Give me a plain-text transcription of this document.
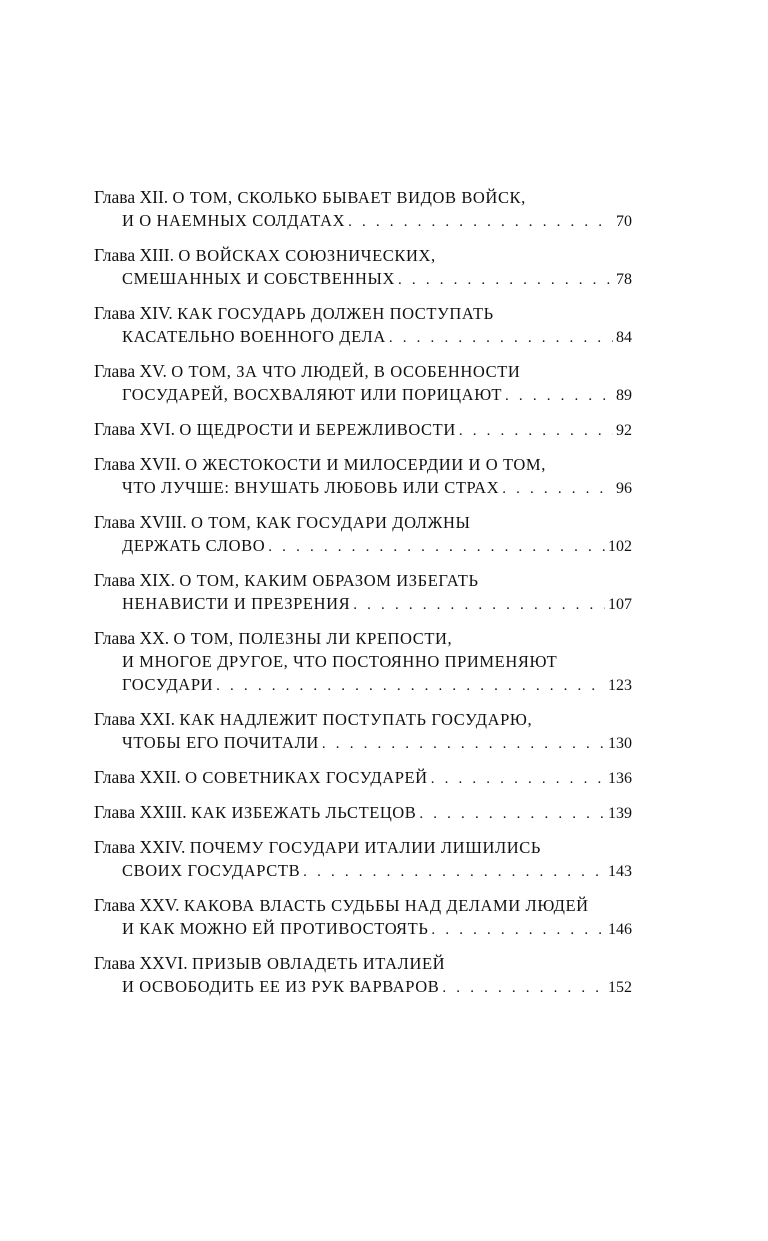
Глава XII.
О ТОМ, СКОЛЬКО БЫВАЕТ ВИДОВ ВОЙСК,
И О НАЕМНЫХ СОЛДАТАХ . . .	70
Глава XIII.
О ВОЙСКАХ СОЮЗНИЧЕСКИХ,
СМЕШАННЫХ И СОБСТВЕННЫХ . . .	78
Глава XIV.
КАК ГОСУДАРЬ ДОЛЖЕН ПОСТУПАТЬ
КАСАТЕЛЬНО ВОЕННОГО ДЕЛА . . .	84
Глава XV.
О ТОМ, ЗА ЧТО ЛЮДЕЙ, В ОСОБЕННОСТИ
ГОСУДАРЕЙ, ВОСХВАЛЯЮТ ИЛИ ПОРИЦАЮТ . . .	89
Глава XVI.
О ЩЕДРОСТИ И БЕРЕЖЛИВОСТИ . . .	92
Глава XVII.
О ЖЕСТОКОСТИ И МИЛОСЕРДИИ И О ТОМ,
ЧТО ЛУЧШЕ: ВНУШАТЬ ЛЮБОВЬ ИЛИ СТРАХ . . .	96
Глава XVIII.
О ТОМ, КАК ГОСУДАРИ ДОЛЖНЫ
ДЕРЖАТЬ СЛОВО . . .	102
Глава XIX.
О ТОМ, КАКИМ ОБРАЗОМ ИЗБЕГАТЬ
НЕНАВИСТИ И ПРЕЗРЕНИЯ . . .	107
Глава XX.
О ТОМ, ПОЛЕЗНЫ ЛИ КРЕПОСТИ,
И МНОГОЕ ДРУГОЕ, ЧТО ПОСТОЯННО ПРИМЕНЯЮТ
ГОСУДАРИ . . .	123
Глава XXI.
КАК НАДЛЕЖИТ ПОСТУПАТЬ ГОСУДАРЮ,
ЧТОБЫ ЕГО ПОЧИТАЛИ . . .	130
Глава XXII.
О СОВЕТНИКАХ ГОСУДАРЕЙ . . .	136
Глава XXIII.
КАК ИЗБЕЖАТЬ ЛЬСТЕЦОВ . . .	139
Глава XXIV.
ПОЧЕМУ ГОСУДАРИ ИТАЛИИ ЛИШИЛИСЬ
СВОИХ ГОСУДАРСТВ . . .	143
Глава XXV.
КАКОВА ВЛАСТЬ СУДЬБЫ НАД ДЕЛАМИ ЛЮДЕЙ
И КАК МОЖНО ЕЙ ПРОТИВОСТОЯТЬ . . .	146
Глава XXVI.
ПРИЗЫВ ОВЛАДЕТЬ ИТАЛИЕЙ
И ОСВОБОДИТЬ ЕЕ ИЗ РУК ВАРВАРОВ . . .	152
